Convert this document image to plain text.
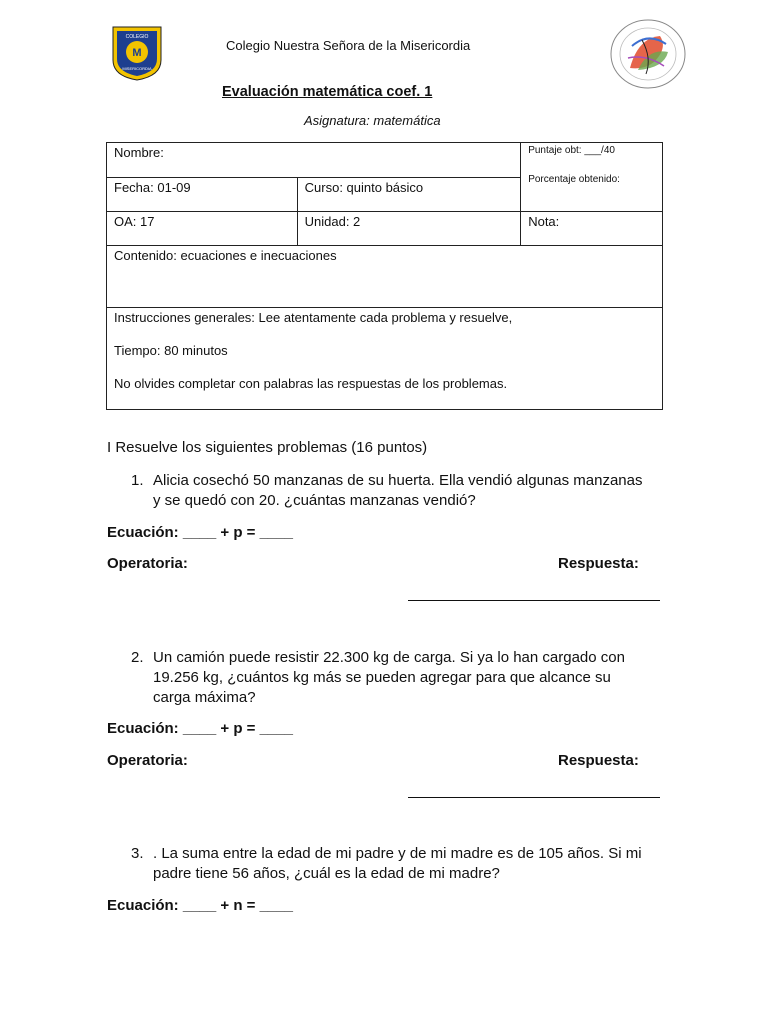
M
COLEGIO
MISERICORDIA
Colegio Nuestra Señora de la Misericordia
Evaluación matemática coef. 1
Asignatura: matemática
Nombre:		Puntaje obt: ___/40
Porcentaje obtenido:

Fecha: 01-09	Curso: quinto básico	
OA: 17	Unidad: 2	Nota:
Contenido: ecuaciones e inecuaciones		

Instrucciones generales: Lee atentamente cada problema y resuelve,

Tiempo: 80 minutos

No olvides completar con palabras las respuestas de los problemas.		

I Resuelve los siguientes problemas (16 puntos)
1. Alicia cosechó 50 manzanas de su huerta. Ella vendió algunas manzanas y se quedó con 20. ¿cuántas manzanas vendió?
Ecuación: ____ + p = ____
Operatoria:	Respuesta:
2. Un camión puede resistir 22.300 kg de carga. Si ya lo han cargado con 19.256 kg, ¿cuántos kg más se pueden agregar para que alcance su carga máxima?
Ecuación: ____ + p = ____
Operatoria:	Respuesta:
3. . La suma entre la edad de mi padre y de mi madre es de 105 años. Si mi padre tiene 56 años, ¿cuál es la edad de mi madre?
Ecuación: ____ + n = ____
